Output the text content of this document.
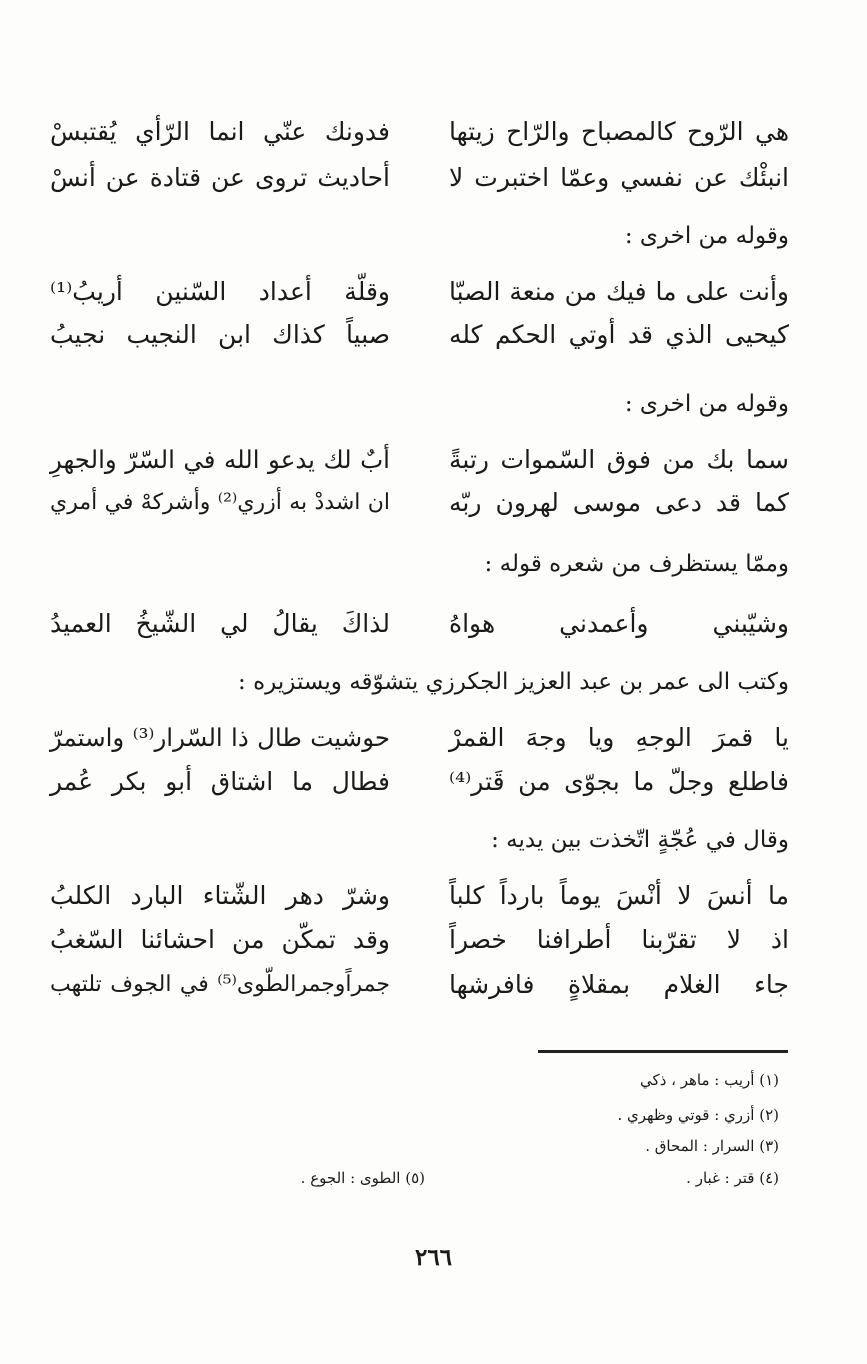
هي الرّوح كالمصباح والرّاح زيتها
فدونك عنّي انما الرّأي يُقتبسْ
انبئْك عن نفسي وعمّا اختبرت لا
أحاديث تروى عن قتادة عن أنسْ
وقوله من اخرى :
وأنت على ما فيك من منعة الصبّا
وقلّة أعداد السّنين أريبُ⁽¹⁾
كيحيى الذي قد أوتي الحكم كله
صبياً كذاك ابن النجيب نجيبُ
وقوله من اخرى :
سما بك من فوق السّموات رتبةً
أبٌ لك يدعو الله في السّرّ والجهرِ
كما قد دعى موسى لهرون ربّه
ان اشددْ به أزري⁽²⁾ وأشركهْ في أمري
وممّا يستظرف من شعره قوله :
وشيّبني وأعمدني هواهُ
لذاكَ يقالُ لي الشّيخُ العميدُ
وكتب الى عمر بن عبد العزيز الجكرزي يتشوّقه ويستزيره :
يا قمرَ الوجهِ ويا وجهَ القمرْ
حوشيت طال ذا السّرار⁽³⁾ واستمرّ
فاطلع وجلّ ما بجوّى من قَتر⁽⁴⁾
فطال ما اشتاق أبو بكر عُمر
وقال في عُجّةٍ اتّخذت بين يديه :
ما أنسَ لا أنْسَ يوماً بارداً كلباً
وشرّ دهر الشّتاء البارد الكلبُ
اذ لا تقرّبنا أطرافنا خصراً
وقد تمكّن من احشائنا السّغبُ
جاء الغلام بمقلاةٍ فافرشها
جمراًوجمرالطّوى⁽⁵⁾ في الجوف تلتهب
(١) أريب : ماهر ، ذكي
(٢) أزري : قوتي وظهري .
(٣) السرار : المحاق .
(٤) قتر : غبار .
(٥) الطوى : الجوع .
٢٦٦
